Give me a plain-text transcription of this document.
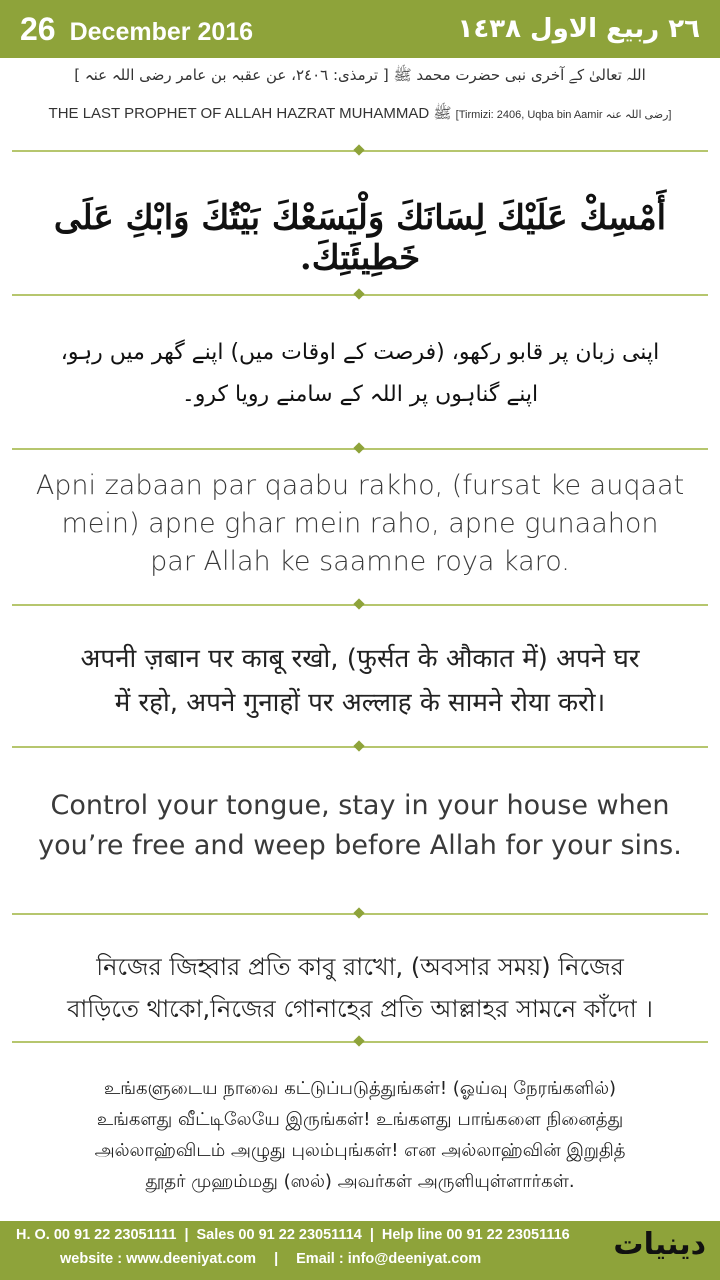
26 December 2016	٢٦ ربیع الاول ١٤٣٨
اللہ تعالیٰ کے آخری نبی حضرت محمد ﷺ [ ترمذی: ٢٤٠٦، عن عقبہ بن عامر رضی اللہ عنہ ]
THE LAST PROPHET OF ALLAH HAZRAT MUHAMMAD ﷺ [Tirmizi: 2406, Uqba bin Aamir رضی اللہ عنہ]
أَمْسِكْ عَلَيْكَ لِسَانَكَ وَلْيَسَعْكَ بَيْتُكَ وَابْكِ عَلَى خَطِيئَتِكَ.
اپنی زبان پر قابو رکھو، (فرصت کے اوقات میں) اپنے گھر میں رہو،
اپنے گناہوں پر اللہ کے سامنے رویا کرو۔
Apni zabaan par qaabu rakho, (fursat ke auqaat
mein) apne ghar mein raho, apne gunaahon
par Allah ke saamne roya karo.
अपनी ज़बान पर काबू रखो, (फुर्सत के औकात में) अपने घर
में रहो, अपने गुनाहों पर अल्लाह के सामने रोया करो।
Control your tongue, stay in your house when
you’re free and weep before Allah for your sins.
নিজের জিহ্বার প্রতি কাবু রাখো, (অবসার সময়) নিজের
বাড়িতে থাকো,নিজের গোনাহের প্রতি আল্লাহর সামনে কাঁদো ।
உங்களுடைய நாவை கட்டுப்படுத்துங்கள்! (ஓய்வு நேரங்களில்)
உங்களது வீட்டிலேயே இருங்கள்! உங்களது பாங்களை நினைத்து
அல்லாஹ்விடம் அழுது புலம்புங்கள்! என அல்லாஹ்வின் இறுதித்
தூதர் முஹம்மது (ஸல்) அவர்கள் அருளியுள்ளார்கள்.
H. O. 00 91 22 23051111 | Sales 00 91 22 23051114 | Help line 00 91 22 23051116
website : www.deeniyat.com | Email : info@deeniyat.com	دینیات
